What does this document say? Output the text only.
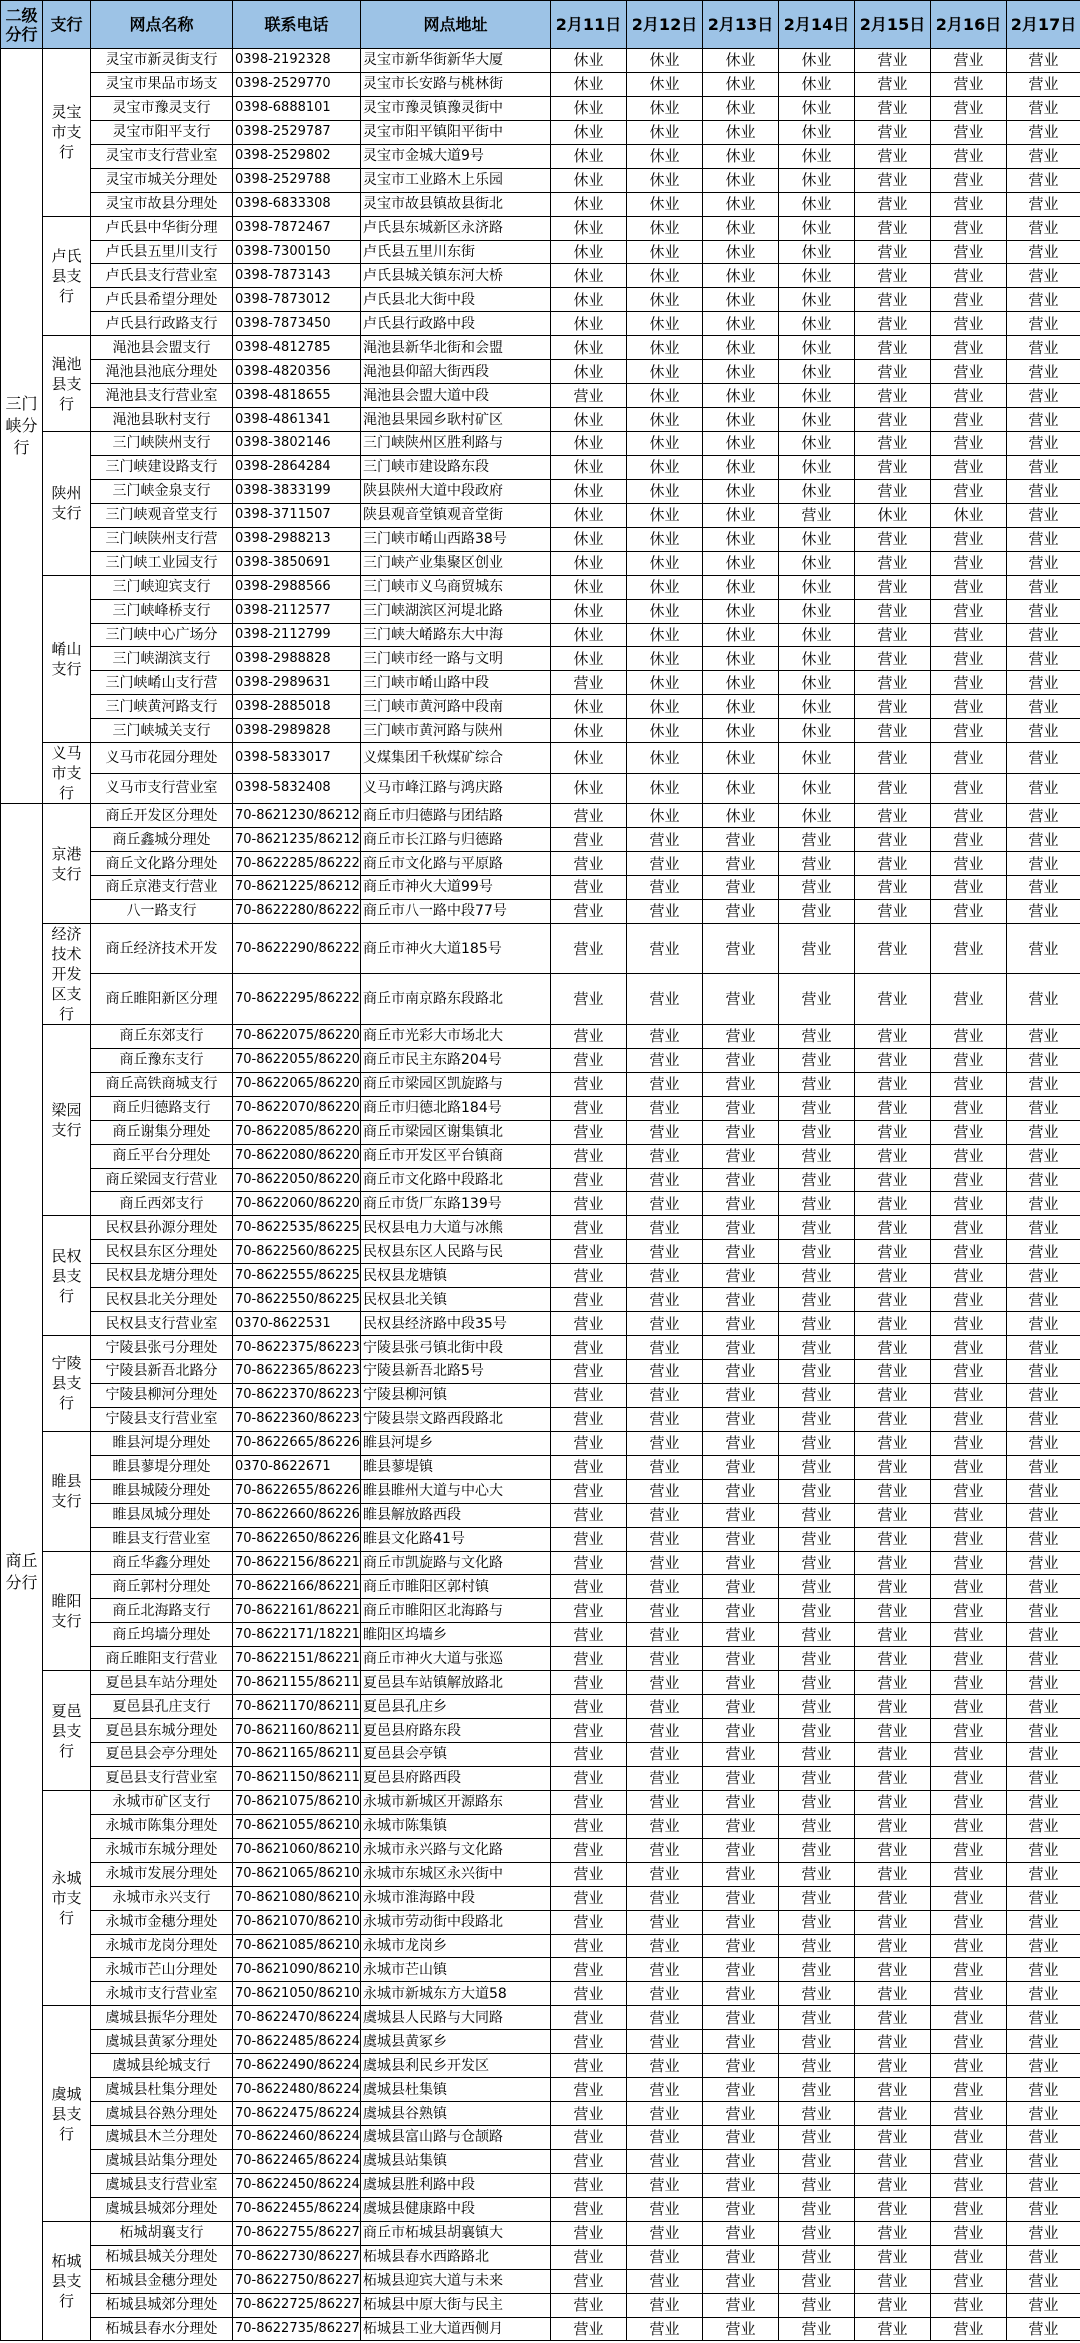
二级分行	支行	网点名称	联系电话	网点地址	2月11日	2月12日	2月13日	2月14日	2月15日	2月16日	2月17日
三门峡分行	灵宝市支行	灵宝市新灵街支行	0398-2192328	灵宝市新华街新华大厦	休业	休业	休业	休业	营业	营业	营业
		灵宝市果品市场支	0398-2529770	灵宝市长安路与桃林街	休业	休业	休业	休业	营业	营业	营业
		灵宝市豫灵支行	0398-6888101	灵宝市豫灵镇豫灵街中	休业	休业	休业	休业	营业	营业	营业
		灵宝市阳平支行	0398-2529787	灵宝市阳平镇阳平街中	休业	休业	休业	休业	营业	营业	营业
		灵宝市支行营业室	0398-2529802	灵宝市金城大道9号	休业	休业	休业	休业	营业	营业	营业
		灵宝市城关分理处	0398-2529788	灵宝市工业路木上乐园	休业	休业	休业	休业	营业	营业	营业
		灵宝市故县分理处	0398-6833308	灵宝市故县镇故县街北	休业	休业	休业	休业	营业	营业	营业
	卢氏县支行	卢氏县中华街分理	0398-7872467	卢氏县东城新区永济路	休业	休业	休业	休业	营业	营业	营业
		卢氏县五里川支行	0398-7300150	卢氏县五里川东街	休业	休业	休业	休业	营业	营业	营业
		卢氏县支行营业室	0398-7873143	卢氏县城关镇东河大桥	休业	休业	休业	休业	营业	营业	营业
		卢氏县希望分理处	0398-7873012	卢氏县北大街中段	休业	休业	休业	休业	营业	营业	营业
		卢氏县行政路支行	0398-7873450	卢氏县行政路中段	休业	休业	休业	休业	营业	营业	营业
	渑池县支行	渑池县会盟支行	0398-4812785	渑池县新华北街和会盟	休业	休业	休业	休业	营业	营业	营业
		渑池县池底分理处	0398-4820356	渑池县仰韶大街西段	休业	休业	休业	休业	营业	营业	营业
		渑池县支行营业室	0398-4818655	渑池县会盟大道中段	营业	休业	休业	休业	营业	营业	营业
		渑池县耿村支行	0398-4861341	渑池县果园乡耿村矿区	休业	休业	休业	休业	营业	营业	营业
	陕州支行	三门峡陕州支行	0398-3802146	三门峡陕州区胜利路与	休业	休业	休业	休业	营业	营业	营业
		三门峡建设路支行	0398-2864284	三门峡市建设路东段	休业	休业	休业	休业	营业	营业	营业
		三门峡金泉支行	0398-3833199	陕县陕州大道中段政府	休业	休业	休业	休业	营业	营业	营业
		三门峡观音堂支行	0398-3711507	陕县观音堂镇观音堂街	休业	休业	休业	营业	休业	休业	营业
		三门峡陕州支行营	0398-2988213	三门峡市崤山西路38号	休业	休业	休业	休业	营业	营业	营业
		三门峡工业园支行	0398-3850691	三门峡产业集聚区创业	休业	休业	休业	休业	营业	营业	营业
	崤山支行	三门峡迎宾支行	0398-2988566	三门峡市义乌商贸城东	休业	休业	休业	休业	营业	营业	营业
		三门峡峰桥支行	0398-2112577	三门峡湖滨区河堤北路	休业	休业	休业	休业	营业	营业	营业
		三门峡中心广场分	0398-2112799	三门峡大崤路东大中海	休业	休业	休业	休业	营业	营业	营业
		三门峡湖滨支行	0398-2988828	三门峡市经一路与文明	休业	休业	休业	休业	营业	营业	营业
		三门峡崤山支行营	0398-2989631	三门峡市崤山路中段	营业	休业	休业	休业	营业	营业	营业
		三门峡黄河路支行	0398-2885018	三门峡市黄河路中段南	休业	休业	休业	休业	营业	营业	营业
		三门峡城关支行	0398-2989828	三门峡市黄河路与陕州	休业	休业	休业	休业	营业	营业	营业
	义马市支行	义马市花园分理处	0398-5833017	义煤集团千秋煤矿综合	休业	休业	休业	休业	营业	营业	营业
		义马市支行营业室	0398-5832408	义马市峰江路与鸿庆路	休业	休业	休业	休业	营业	营业	营业
商丘分行	京港支行	商丘开发区分理处	70-8621230/86212	商丘市归德路与团结路	营业	休业	休业	休业	营业	营业	营业
		商丘鑫城分理处	70-8621235/86212	商丘市长江路与归德路	营业	营业	营业	营业	营业	营业	营业
		商丘文化路分理处	70-8622285/86222	商丘市文化路与平原路	营业	营业	营业	营业	营业	营业	营业
		商丘京港支行营业	70-8621225/86212	商丘市神火大道99号	营业	营业	营业	营业	营业	营业	营业
		八一路支行	70-8622280/86222	商丘市八一路中段77号	营业	营业	营业	营业	营业	营业	营业
	经济技术开发区支行	商丘经济技术开发	70-8622290/86222	商丘市神火大道185号	营业	营业	营业	营业	营业	营业	营业
		商丘睢阳新区分理	70-8622295/86222	商丘市南京路东段路北	营业	营业	营业	营业	营业	营业	营业
	梁园支行	商丘东郊支行	70-8622075/86220	商丘市光彩大市场北大	营业	营业	营业	营业	营业	营业	营业
		商丘豫东支行	70-8622055/86220	商丘市民主东路204号	营业	营业	营业	营业	营业	营业	营业
		商丘高铁商城支行	70-8622065/86220	商丘市梁园区凯旋路与	营业	营业	营业	营业	营业	营业	营业
		商丘归德路支行	70-8622070/86220	商丘市归德北路184号	营业	营业	营业	营业	营业	营业	营业
		商丘谢集分理处	70-8622085/86220	商丘市梁园区谢集镇北	营业	营业	营业	营业	营业	营业	营业
		商丘平台分理处	70-8622080/86220	商丘市开发区平台镇商	营业	营业	营业	营业	营业	营业	营业
		商丘梁园支行营业	70-8622050/86220	商丘市文化路中段路北	营业	营业	营业	营业	营业	营业	营业
		商丘西郊支行	70-8622060/86220	商丘市货厂东路139号	营业	营业	营业	营业	营业	营业	营业
	民权县支行	民权县孙源分理处	70-8622535/86225	民权县电力大道与冰熊	营业	营业	营业	营业	营业	营业	营业
		民权县东区分理处	70-8622560/86225	民权县东区人民路与民	营业	营业	营业	营业	营业	营业	营业
		民权县龙塘分理处	70-8622555/86225	民权县龙塘镇	营业	营业	营业	营业	营业	营业	营业
		民权县北关分理处	70-8622550/86225	民权县北关镇	营业	营业	营业	营业	营业	营业	营业
		民权县支行营业室	0370-8622531	民权县经济路中段35号	营业	营业	营业	营业	营业	营业	营业
	宁陵县支行	宁陵县张弓分理处	70-8622375/86223	宁陵县张弓镇北街中段	营业	营业	营业	营业	营业	营业	营业
		宁陵县新吾北路分	70-8622365/86223	宁陵县新吾北路5号	营业	营业	营业	营业	营业	营业	营业
		宁陵县柳河分理处	70-8622370/86223	宁陵县柳河镇	营业	营业	营业	营业	营业	营业	营业
		宁陵县支行营业室	70-8622360/86223	宁陵县崇文路西段路北	营业	营业	营业	营业	营业	营业	营业
	睢县支行	睢县河堤分理处	70-8622665/86226	睢县河堤乡	营业	营业	营业	营业	营业	营业	营业
		睢县蓼堤分理处	0370-8622671	睢县蓼堤镇	营业	营业	营业	营业	营业	营业	营业
		睢县城陵分理处	70-8622655/86226	睢县睢州大道与中心大	营业	营业	营业	营业	营业	营业	营业
		睢县凤城分理处	70-8622660/86226	睢县解放路西段	营业	营业	营业	营业	营业	营业	营业
		睢县支行营业室	70-8622650/86226	睢县文化路41号	营业	营业	营业	营业	营业	营业	营业
	睢阳支行	商丘华鑫分理处	70-8622156/86221	商丘市凯旋路与文化路	营业	营业	营业	营业	营业	营业	营业
		商丘郭村分理处	70-8622166/86221	商丘市睢阳区郭村镇	营业	营业	营业	营业	营业	营业	营业
		商丘北海路支行	70-8622161/86221	商丘市睢阳区北海路与	营业	营业	营业	营业	营业	营业	营业
		商丘坞墙分理处	70-8622171/18221	睢阳区坞墙乡	营业	营业	营业	营业	营业	营业	营业
		商丘睢阳支行营业	70-8622151/86221	商丘市神火大道与张巡	营业	营业	营业	营业	营业	营业	营业
	夏邑县支行	夏邑县车站分理处	70-8621155/86211	夏邑县车站镇解放路北	营业	营业	营业	营业	营业	营业	营业
		夏邑县孔庄支行	70-8621170/86211	夏邑县孔庄乡	营业	营业	营业	营业	营业	营业	营业
		夏邑县东城分理处	70-8621160/86211	夏邑县府路东段	营业	营业	营业	营业	营业	营业	营业
		夏邑县会亭分理处	70-8621165/86211	夏邑县会亭镇	营业	营业	营业	营业	营业	营业	营业
		夏邑县支行营业室	70-8621150/86211	夏邑县府路西段	营业	营业	营业	营业	营业	营业	营业
	永城市支行	永城市矿区支行	70-8621075/86210	永城市新城区开源路东	营业	营业	营业	营业	营业	营业	营业
		永城市陈集分理处	70-8621055/86210	永城市陈集镇	营业	营业	营业	营业	营业	营业	营业
		永城市东城分理处	70-8621060/86210	永城市永兴路与文化路	营业	营业	营业	营业	营业	营业	营业
		永城市发展分理处	70-8621065/86210	永城市东城区永兴街中	营业	营业	营业	营业	营业	营业	营业
		永城市永兴支行	70-8621080/86210	永城市淮海路中段	营业	营业	营业	营业	营业	营业	营业
		永城市金穗分理处	70-8621070/86210	永城市劳动街中段路北	营业	营业	营业	营业	营业	营业	营业
		永城市龙岗分理处	70-8621085/86210	永城市龙岗乡	营业	营业	营业	营业	营业	营业	营业
		永城市芒山分理处	70-8621090/86210	永城市芒山镇	营业	营业	营业	营业	营业	营业	营业
		永城市支行营业室	70-8621050/86210	永城市新城东方大道58	营业	营业	营业	营业	营业	营业	营业
	虞城县支行	虞城县振华分理处	70-8622470/86224	虞城县人民路与大同路	营业	营业	营业	营业	营业	营业	营业
		虞城县黄冢分理处	70-8622485/86224	虞城县黄冢乡	营业	营业	营业	营业	营业	营业	营业
		虞城县纶城支行	70-8622490/86224	虞城县利民乡开发区	营业	营业	营业	营业	营业	营业	营业
		虞城县杜集分理处	70-8622480/86224	虞城县杜集镇	营业	营业	营业	营业	营业	营业	营业
		虞城县谷熟分理处	70-8622475/86224	虞城县谷熟镇	营业	营业	营业	营业	营业	营业	营业
		虞城县木兰分理处	70-8622460/86224	虞城县富山路与仓颉路	营业	营业	营业	营业	营业	营业	营业
		虞城县站集分理处	70-8622465/86224	虞城县站集镇	营业	营业	营业	营业	营业	营业	营业
		虞城县支行营业室	70-8622450/86224	虞城县胜利路中段	营业	营业	营业	营业	营业	营业	营业
		虞城县城郊分理处	70-8622455/86224	虞城县健康路中段	营业	营业	营业	营业	营业	营业	营业
	柘城县支行	柘城胡襄支行	70-8622755/86227	商丘市柘城县胡襄镇大	营业	营业	营业	营业	营业	营业	营业
		柘城县城关分理处	70-8622730/86227	柘城县春水西路路北	营业	营业	营业	营业	营业	营业	营业
		柘城县金穗分理处	70-8622750/86227	柘城县迎宾大道与未来	营业	营业	营业	营业	营业	营业	营业
		柘城县城郊分理处	70-8622725/86227	柘城县中原大街与民主	营业	营业	营业	营业	营业	营业	营业
		柘城县春水分理处	70-8622735/86227	柘城县工业大道西侧月	营业	营业	营业	营业	营业	营业	营业
